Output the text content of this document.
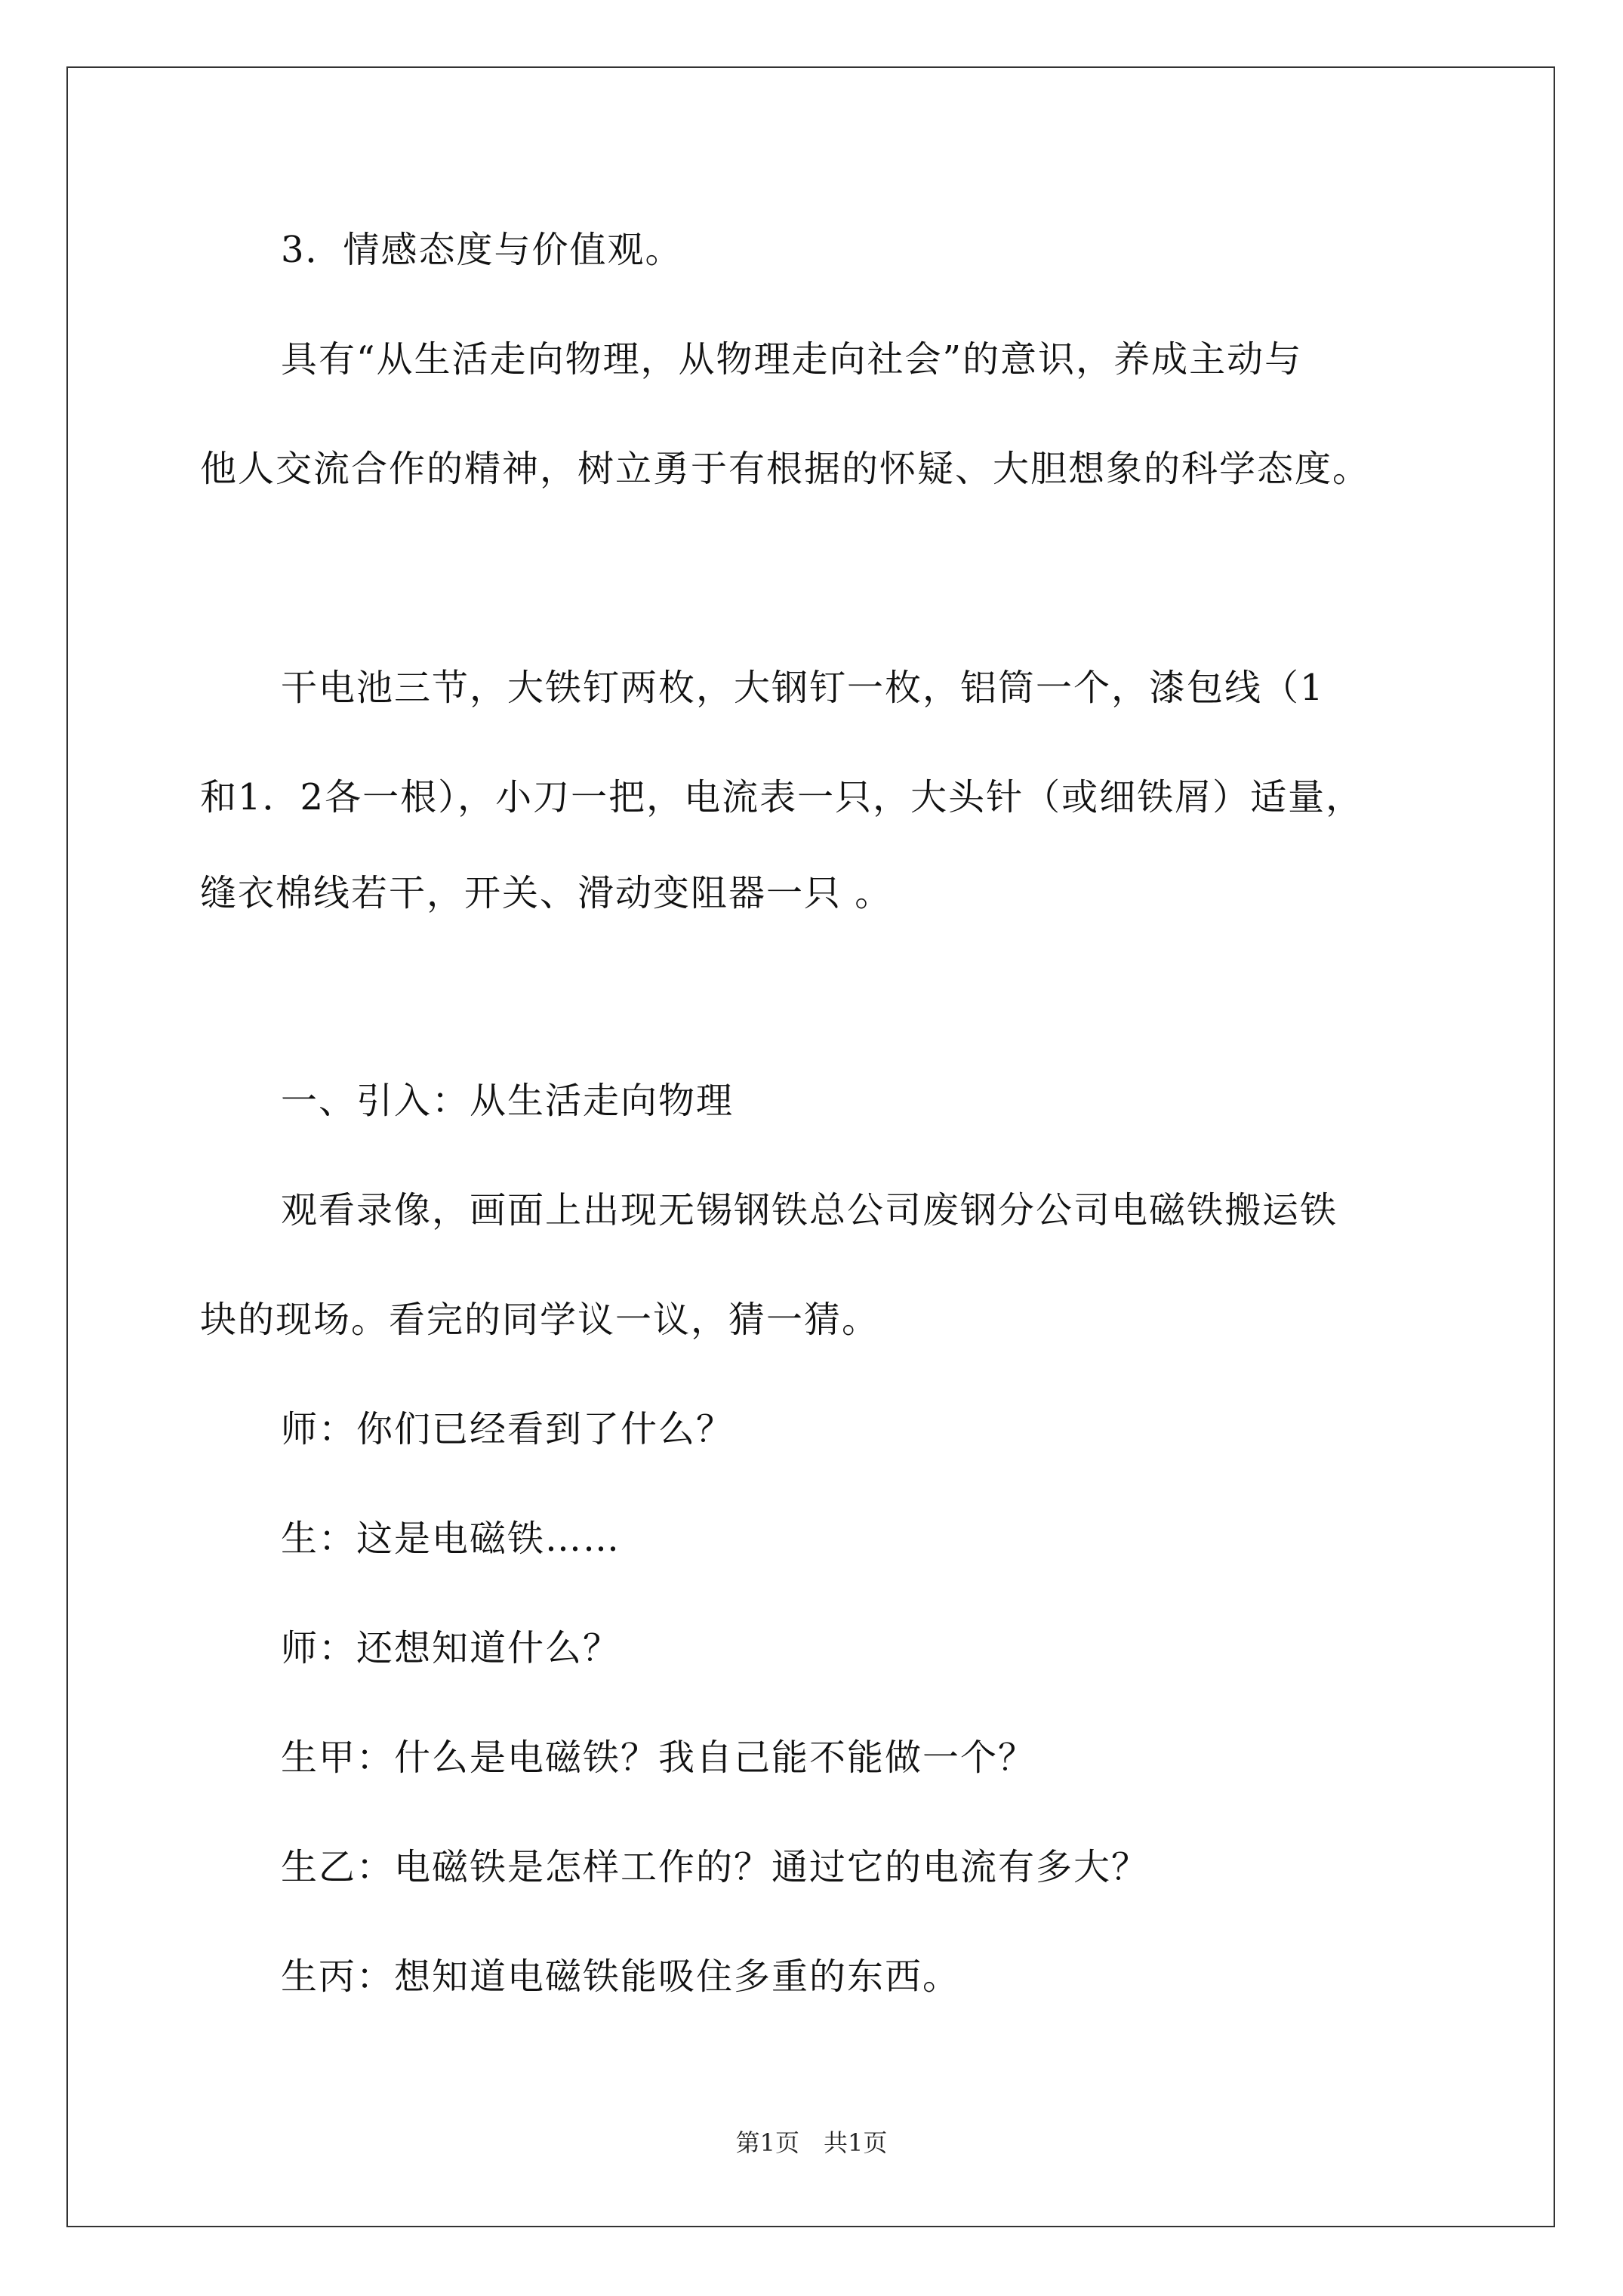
3．情感态度与价值观。
具有“从生活走向物理，从物理走向社会”的意识，养成主动与
他人交流合作的精神，树立勇于有根据的怀疑、大胆想象的科学态度。
干电池三节，大铁钉两枚，大钢钉一枚，铝筒一个，漆包线（1
和1．2各一根），小刀一把，电流表一只，大头针（或细铁屑）适量，
缝衣棉线若干，开关、滑动变阻器一只 。
一、引入：从生活走向物理
观看录像，画面上出现无锡钢铁总公司废钢分公司电磁铁搬运铁
块的现场。看完的同学议一议，猜一猜。
师：你们已经看到了什么？
生：这是电磁铁……
师：还想知道什么？
生甲：什么是电磁铁？我自己能不能做一个？
生乙：电磁铁是怎样工作的？通过它的电流有多大？
生丙：想知道电磁铁能吸住多重的东西。
第1页　共1页
